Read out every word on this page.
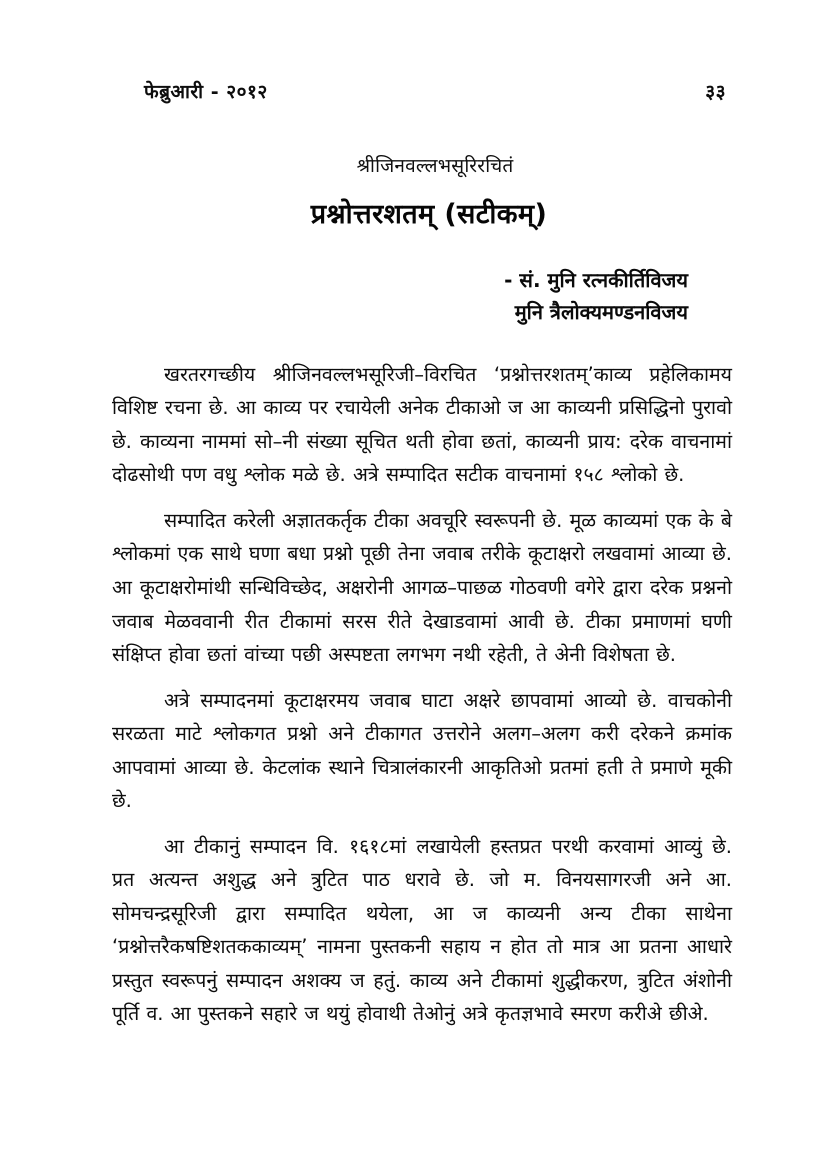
फेब्रुआरी - २०१२	३३
श्रीजिनवल्लभसूरिरचितं
प्रश्नोत्तरशतम् (सटीकम्)
- सं. मुनि रत्नकीर्तिविजय
मुनि त्रैलोक्यमण्डनविजय

खरतरगच्छीय श्रीजिनवल्लभसूरिजी–विरचित ‘प्रश्नोत्तरशतम्’काव्य प्रहेलिकामय विशिष्ट रचना छे. आ काव्य पर रचायेली अनेक टीकाओ ज आ काव्यनी प्रसिद्धिनो पुरावो छे. काव्यना नाममां सो–नी संख्या सूचित थती होवा छतां, काव्यनी प्राय: दरेक वाचनामां दोढसोथी पण वधु श्लोक मळे छे. अत्रे सम्पादित सटीक वाचनामां १५८ श्लोको छे.

सम्पादित करेली अज्ञातकर्तृक टीका अवचूरि स्वरूपनी छे. मूळ काव्यमां एक के बे श्लोकमां एक साथे घणा बधा प्रश्नो पूछी तेना जवाब तरीके कूटाक्षरो लखवामां आव्या छे. आ कूटाक्षरोमांथी सन्धिविच्छेद, अक्षरोनी आगळ–पाछळ गोठवणी वगेरे द्वारा दरेक प्रश्ननो जवाब मेळववानी रीत टीकामां सरस रीते देखाडवामां आवी छे. टीका प्रमाणमां घणी संक्षिप्त होवा छतां वांच्या पछी अस्पष्टता लगभग नथी रहेती, ते अेनी विशेषता छे.

अत्रे सम्पादनमां कूटाक्षरमय जवाब घाटा अक्षरे छापवामां आव्यो छे. वाचकोनी सरळता माटे श्लोकगत प्रश्नो अने टीकागत उत्तरोने अलग–अलग करी दरेकने क्रमांक आपवामां आव्या छे. केटलांक स्थाने चित्रालंकारनी आकृतिओ प्रतमां हती ते प्रमाणे मूकी छे.

आ टीकानुं सम्पादन वि. १६१८मां लखायेली हस्तप्रत परथी करवामां आव्युं छे. प्रत अत्यन्त अशुद्ध अने त्रुटित पाठ धरावे छे. जो म. विनयसागरजी अने आ. सोमचन्द्रसूरिजी द्वारा सम्पादित थयेला, आ ज काव्यनी अन्य टीका साथेना ‘प्रश्नोत्तरैकषष्टिशतककाव्यम्’ नामना पुस्तकनी सहाय न होत तो मात्र आ प्रतना आधारे प्रस्तुत स्वरूपनुं सम्पादन अशक्य ज हतुं. काव्य अने टीकामां शुद्धीकरण, त्रुटित अंशोनी पूर्ति व. आ पुस्तकने सहारे ज थयुं होवाथी तेओनुं अत्रे कृतज्ञभावे स्मरण करीअे छीअे.
